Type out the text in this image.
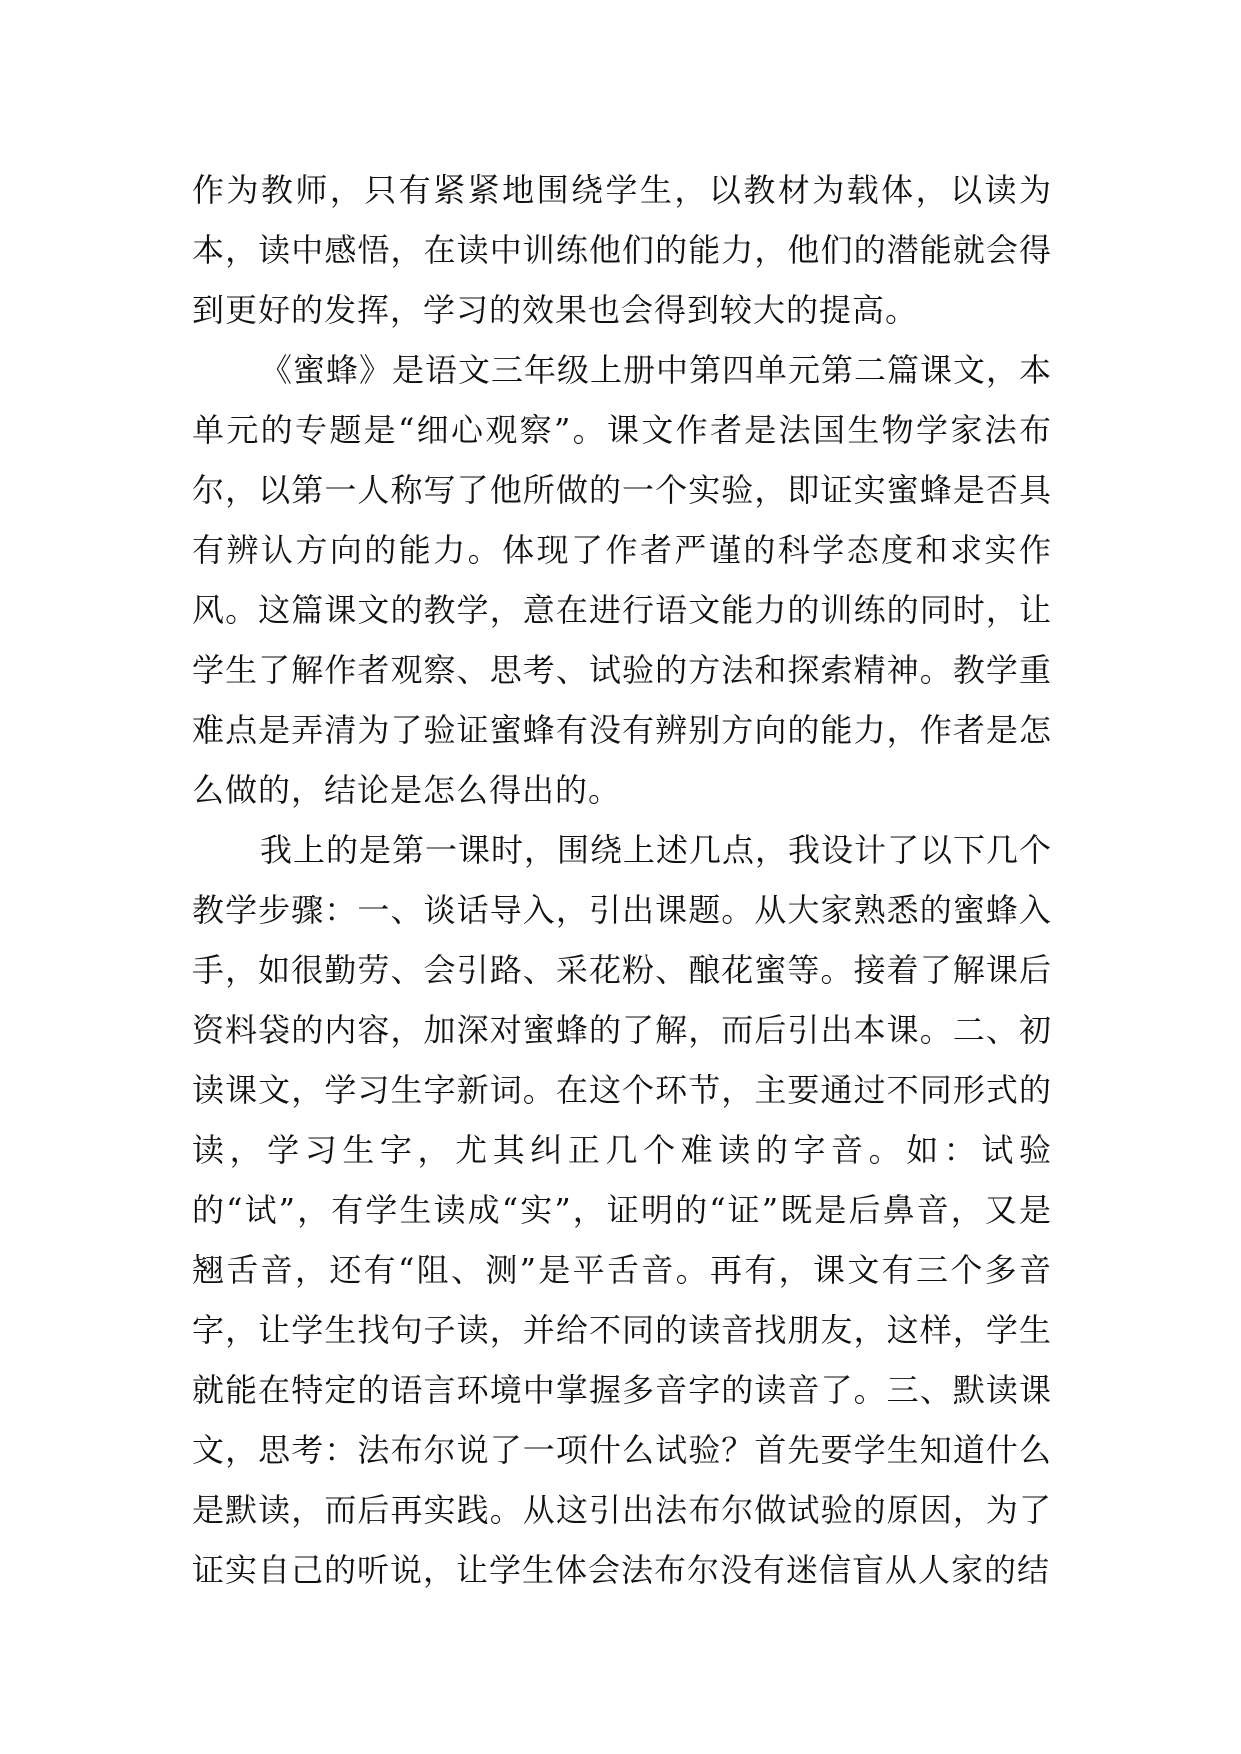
作为教师，只有紧紧地围绕学生，以教材为载体，以读为本，读中感悟，在读中训练他们的能力，他们的潜能就会得到更好的发挥，学习的效果也会得到较大的提高。

《蜜蜂》是语文三年级上册中第四单元第二篇课文，本单元的专题是“细心观察”。课文作者是法国生物学家法布尔，以第一人称写了他所做的一个实验，即证实蜜蜂是否具有辨认方向的能力。体现了作者严谨的科学态度和求实作风。这篇课文的教学，意在进行语文能力的训练的同时，让学生了解作者观察、思考、试验的方法和探索精神。教学重难点是弄清为了验证蜜蜂有没有辨别方向的能力，作者是怎么做的，结论是怎么得出的。

我上的是第一课时，围绕上述几点，我设计了以下几个教学步骤：一、谈话导入，引出课题。从大家熟悉的蜜蜂入手，如很勤劳、会引路、采花粉、酿花蜜等。接着了解课后资料袋的内容，加深对蜜蜂的了解，而后引出本课。二、初读课文，学习生字新词。在这个环节，主要通过不同形式的读，学习生字，尤其纠正几个难读的字音。如：试验的“试”，有学生读成“实”，证明的“证”既是后鼻音，又是翘舌音，还有“阻、测”是平舌音。再有，课文有三个多音字，让学生找句子读，并给不同的读音找朋友，这样，学生就能在特定的语言环境中掌握多音字的读音了。三、默读课文，思考：法布尔说了一项什么试验？首先要学生知道什么是默读，而后再实践。从这引出法布尔做试验的原因，为了证实自己的听说，让学生体会法布尔没有迷信盲从人家的结
